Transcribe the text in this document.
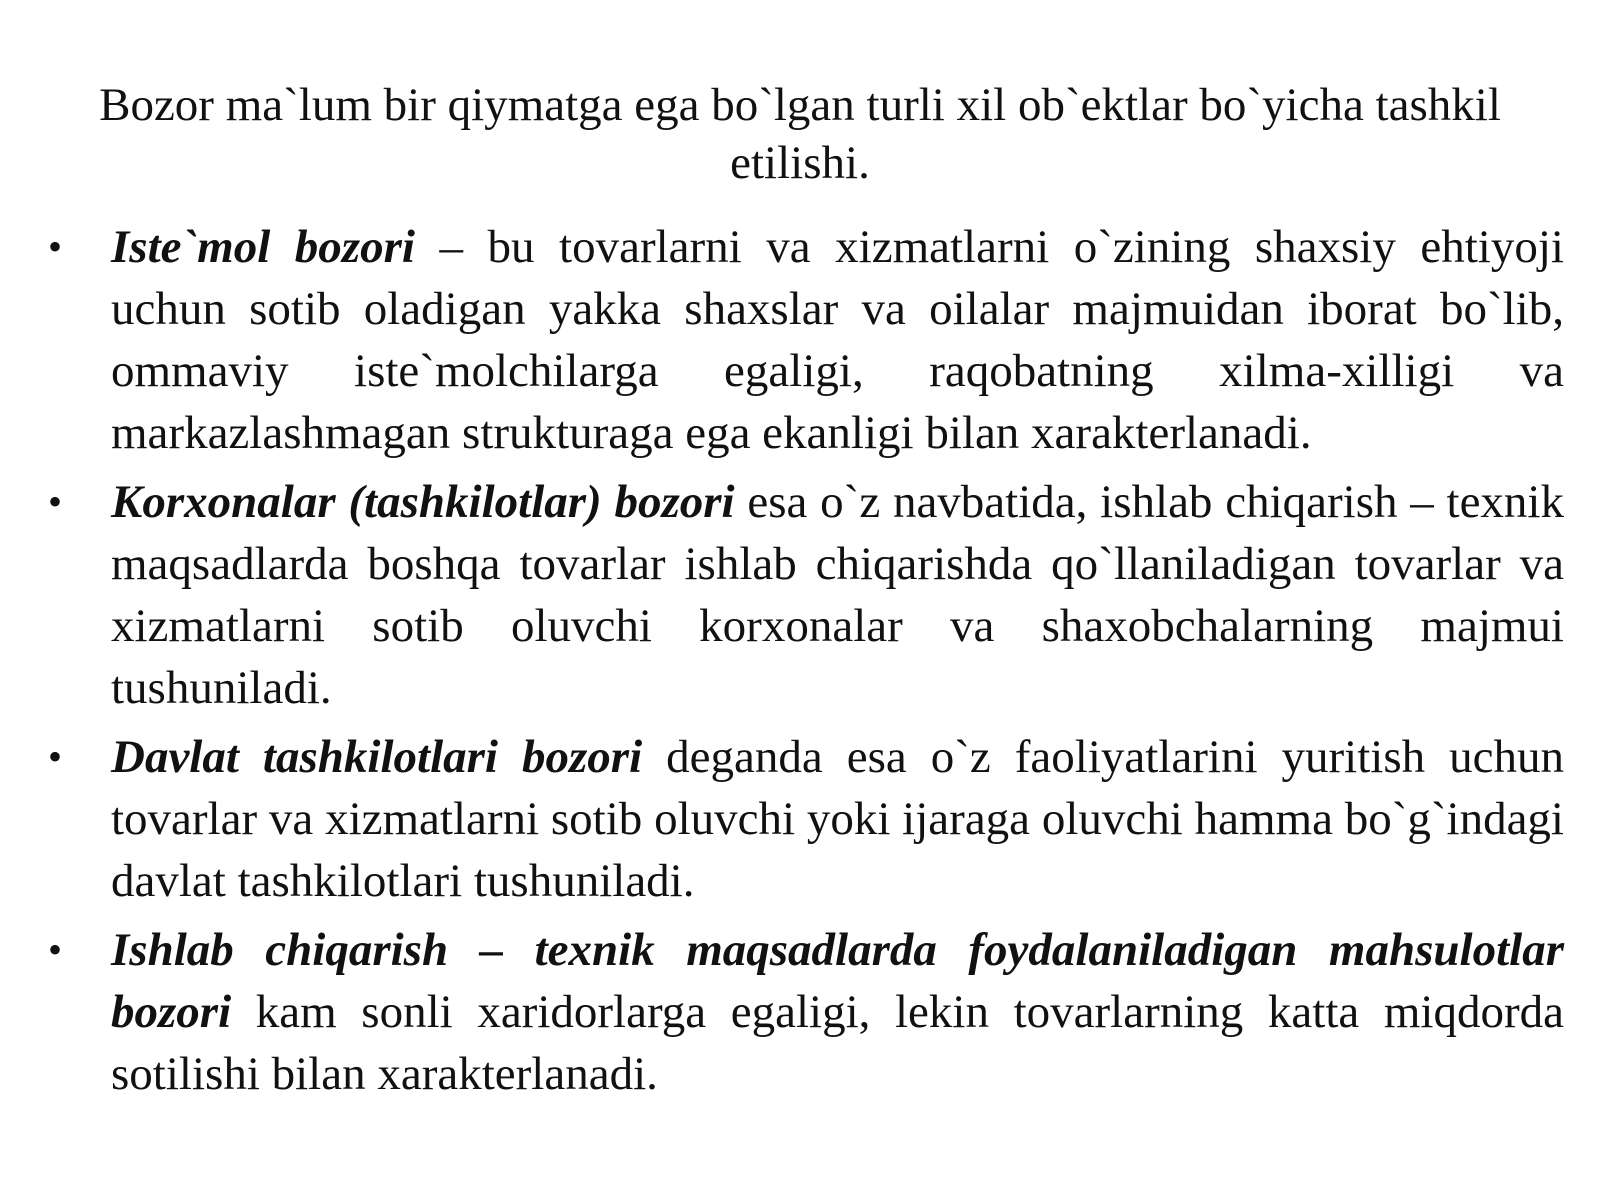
Bozor ma`lum bir qiymatga ega bo`lgan turli xil ob`ektlar bo`yicha tashkil etilishi.
•	Iste`mol bozori – bu tovarlarni va xizmatlarni o`zining shaxsiy ehtiyoji uchun sotib oladigan yakka shaxslar va oilalar majmuidan iborat bo`lib, ommaviy iste`molchilarga egaligi, raqobatning xilma-xilligi va markazlashmagan strukturaga ega ekanligi bilan xarakterlanadi.
•	Korxonalar (tashkilotlar) bozori esa o`z navbatida, ishlab chiqarish – texnik maqsadlarda boshqa tovarlar ishlab chiqarishda qo`llaniladigan tovarlar va xizmatlarni sotib oluvchi korxonalar va shaxobchalarning majmui tushuniladi.
•	Davlat tashkilotlari bozori deganda esa o`z faoliyatlarini yuritish uchun tovarlar va xizmatlarni sotib oluvchi yoki ijaraga oluvchi hamma bo`g`indagi davlat tashkilotlari tushuniladi.
•	Ishlab chiqarish – texnik maqsadlarda foydalaniladigan mahsulotlar bozori kam sonli xaridorlarga egaligi, lekin tovarlarning katta miqdorda sotilishi bilan xarakterlanadi.
